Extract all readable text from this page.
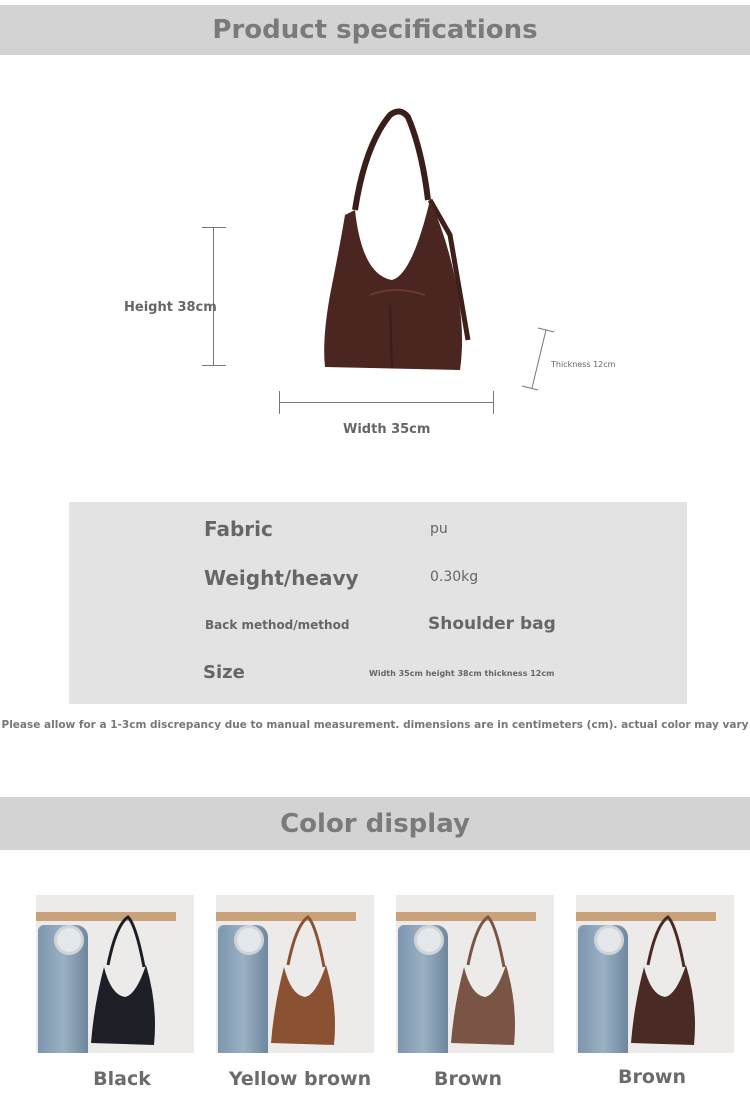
Product specifications
Height 38cm
Width 35cm
Thickness 12cm
Fabric	pu
Weight/heavy	0.30kg
Back method/method	Shoulder bag
Size	Width 35cm height 38cm thickness 12cm
Please allow for a 1-3cm discrepancy due to manual measurement. dimensions are in centimeters (cm). actual color may vary
Color display
Black	Yellow brown	Brown	Brown
